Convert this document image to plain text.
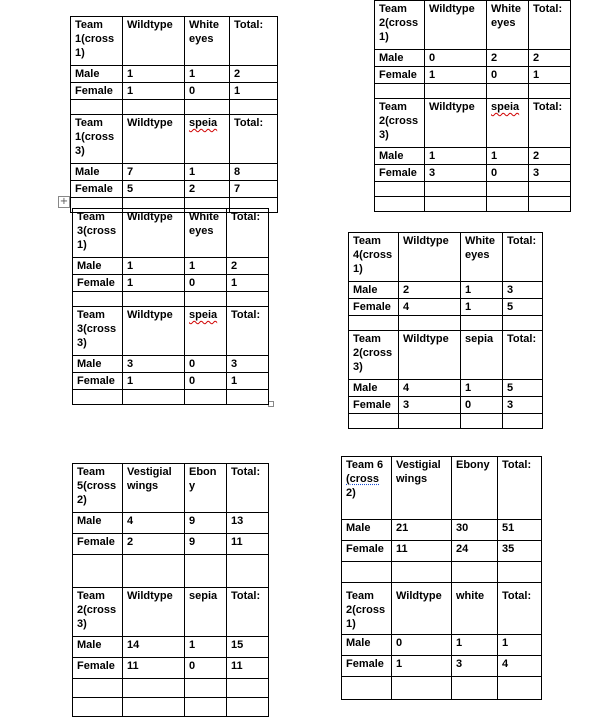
+
Team 1(cross 1)	Wildtype	White eyes	Total:
Male	1	1	2
Female	1	0	1

Team 1(cross 3)	Wildtype	speia	Total:
Male	7	1	8
Female	5	2	7

Team 2(cross 1)	Wildtype	White eyes	Total:
Male	0	2	2
Female	1	0	1

Team 2(cross 3)	Wildtype	speia	Total:
Male	1	1	2
Female	3	0	3

Team 3(cross 1)	Wildtype	White eyes	Total:
Male	1	1	2
Female	1	0	1

Team 3(cross 3)	Wildtype	speia	Total:
Male	3	0	3
Female	1	0	1

Team 4(cross 1)	Wildtype	White eyes	Total:
Male	2	1	3
Female	4	1	5

Team 2(cross 3)	Wildtype	sepia	Total:
Male	4	1	5
Female	3	0	3

Team 5(cross 2)	Vestigial wings	Ebony	Total:
Male	4	9	13
Female	2	9	11

Team 2(cross 3)	Wildtype	sepia	Total:
Male	14	1	15
Female	11	0	11

Team 6 (cross 2)	Vestigial wings	Ebony	Total:
Male	21	30	51
Female	11	24	35

Team 2(cross 1)	Wildtype	white	Total:
Male	0	1	1
Female	1	3	4
